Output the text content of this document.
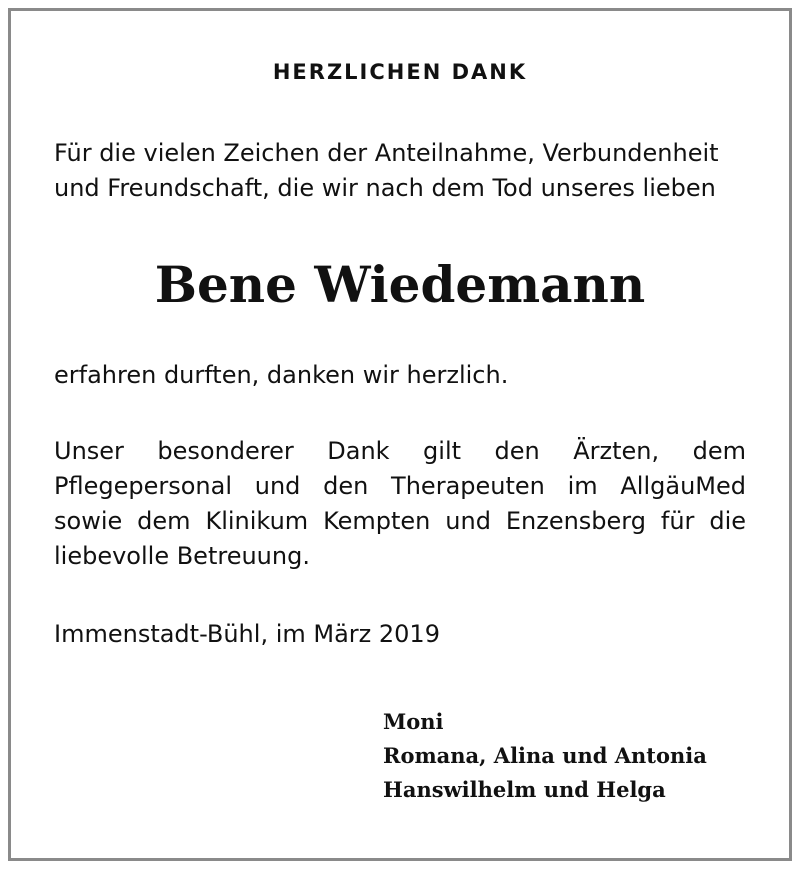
HERZLICHEN DANK
Für die vielen Zeichen der Anteilnahme, Verbundenheit
und Freundschaft, die wir nach dem Tod unseres lieben
Bene Wiedemann
erfahren durften, danken wir herzlich.
Unser besonderer Dank gilt den Ärzten, dem Pflegepersonal und den Therapeuten im AllgäuMed sowie dem Klinikum Kempten und Enzensberg für die liebevolle Betreuung.
Immenstadt-Bühl, im März 2019
Moni
Romana, Alina und Antonia
Hanswilhelm und Helga
